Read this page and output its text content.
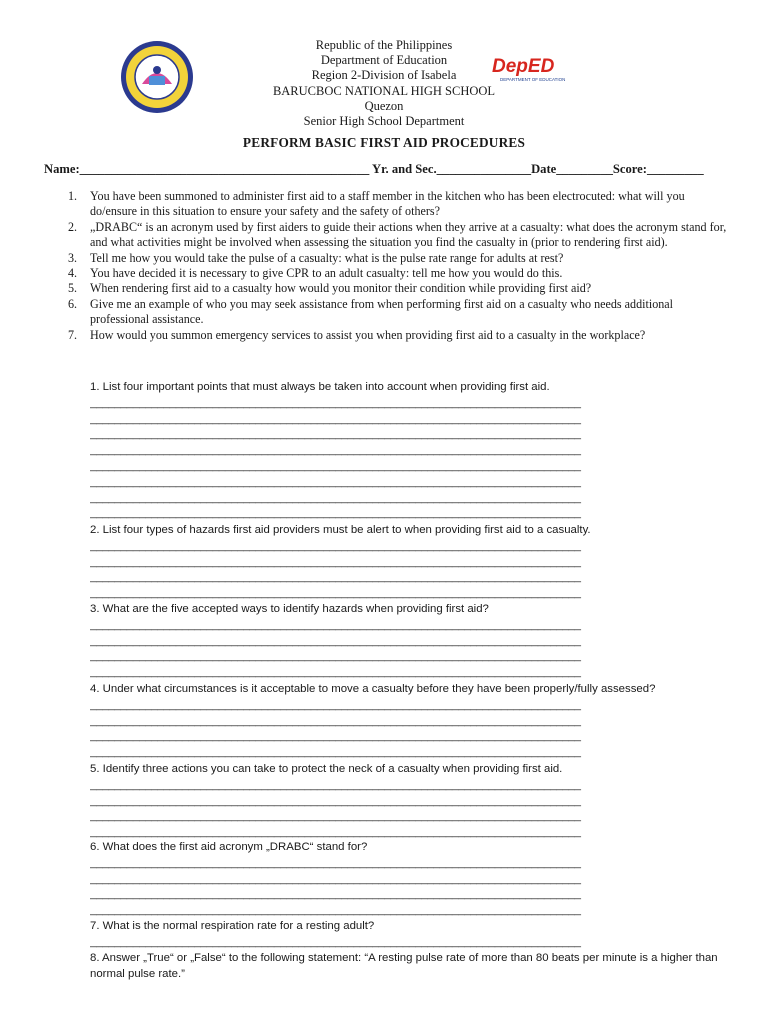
DepED
DEPARTMENT OF EDUCATION
Republic of the Philippines
Department of Education
Region 2-Division of Isabela
BARUCBOC NATIONAL HIGH SCHOOL
Quezon
Senior High School Department
PERFORM BASIC FIRST AID PROCEDURES
Name:______________________________________________ Yr. and Sec._______________Date_________Score:_________
1. You have been summoned to administer first aid to a staff member in the kitchen who has been electrocuted: what will you do/ensure in this situation to ensure your safety and the safety of others?
2. „DRABC“ is an acronym used by first aiders to guide their actions when they arrive at a casualty: what does the acronym stand for, and what activities might be involved when assessing the situation you find the casualty in (prior to rendering first aid).
3. Tell me how you would take the pulse of a casualty: what is the pulse rate range for adults at rest?
4. You have decided it is necessary to give CPR to an adult casualty: tell me how you would do this.
5. When rendering first aid to a casualty how would you monitor their condition while providing first aid?
6. Give me an example of who you may seek assistance from when performing first aid on a casualty who needs additional professional assistance.
7. How would you summon emergency services to assist you when providing first aid to a casualty in the workplace?

1. List four important points that must always be taken into account when providing first aid.

________________________________________________________________________________
________________________________________________________________________________
________________________________________________________________________________
________________________________________________________________________________
________________________________________________________________________________
________________________________________________________________________________
________________________________________________________________________________
________________________________________________________________________________

2. List four types of hazards first aid providers must be alert to when providing first aid to a casualty.

________________________________________________________________________________
________________________________________________________________________________
________________________________________________________________________________
________________________________________________________________________________

3. What are the five accepted ways to identify hazards when providing first aid?

________________________________________________________________________________
________________________________________________________________________________
________________________________________________________________________________
________________________________________________________________________________

4. Under what circumstances is it acceptable to move a casualty before they have been properly/fully assessed?

________________________________________________________________________________
________________________________________________________________________________
________________________________________________________________________________
________________________________________________________________________________

5. Identify three actions you can take to protect the neck of a casualty when providing first aid.

________________________________________________________________________________
________________________________________________________________________________
________________________________________________________________________________
________________________________________________________________________________

6. What does the first aid acronym „DRABC“ stand for?

________________________________________________________________________________
________________________________________________________________________________
________________________________________________________________________________
________________________________________________________________________________

7. What is the normal respiration rate for a resting adult?

________________________________________________________________________________

8. Answer „True“ or „False“ to the following statement: “A resting pulse rate of more than 80 beats per minute is a higher than normal pulse rate.”
